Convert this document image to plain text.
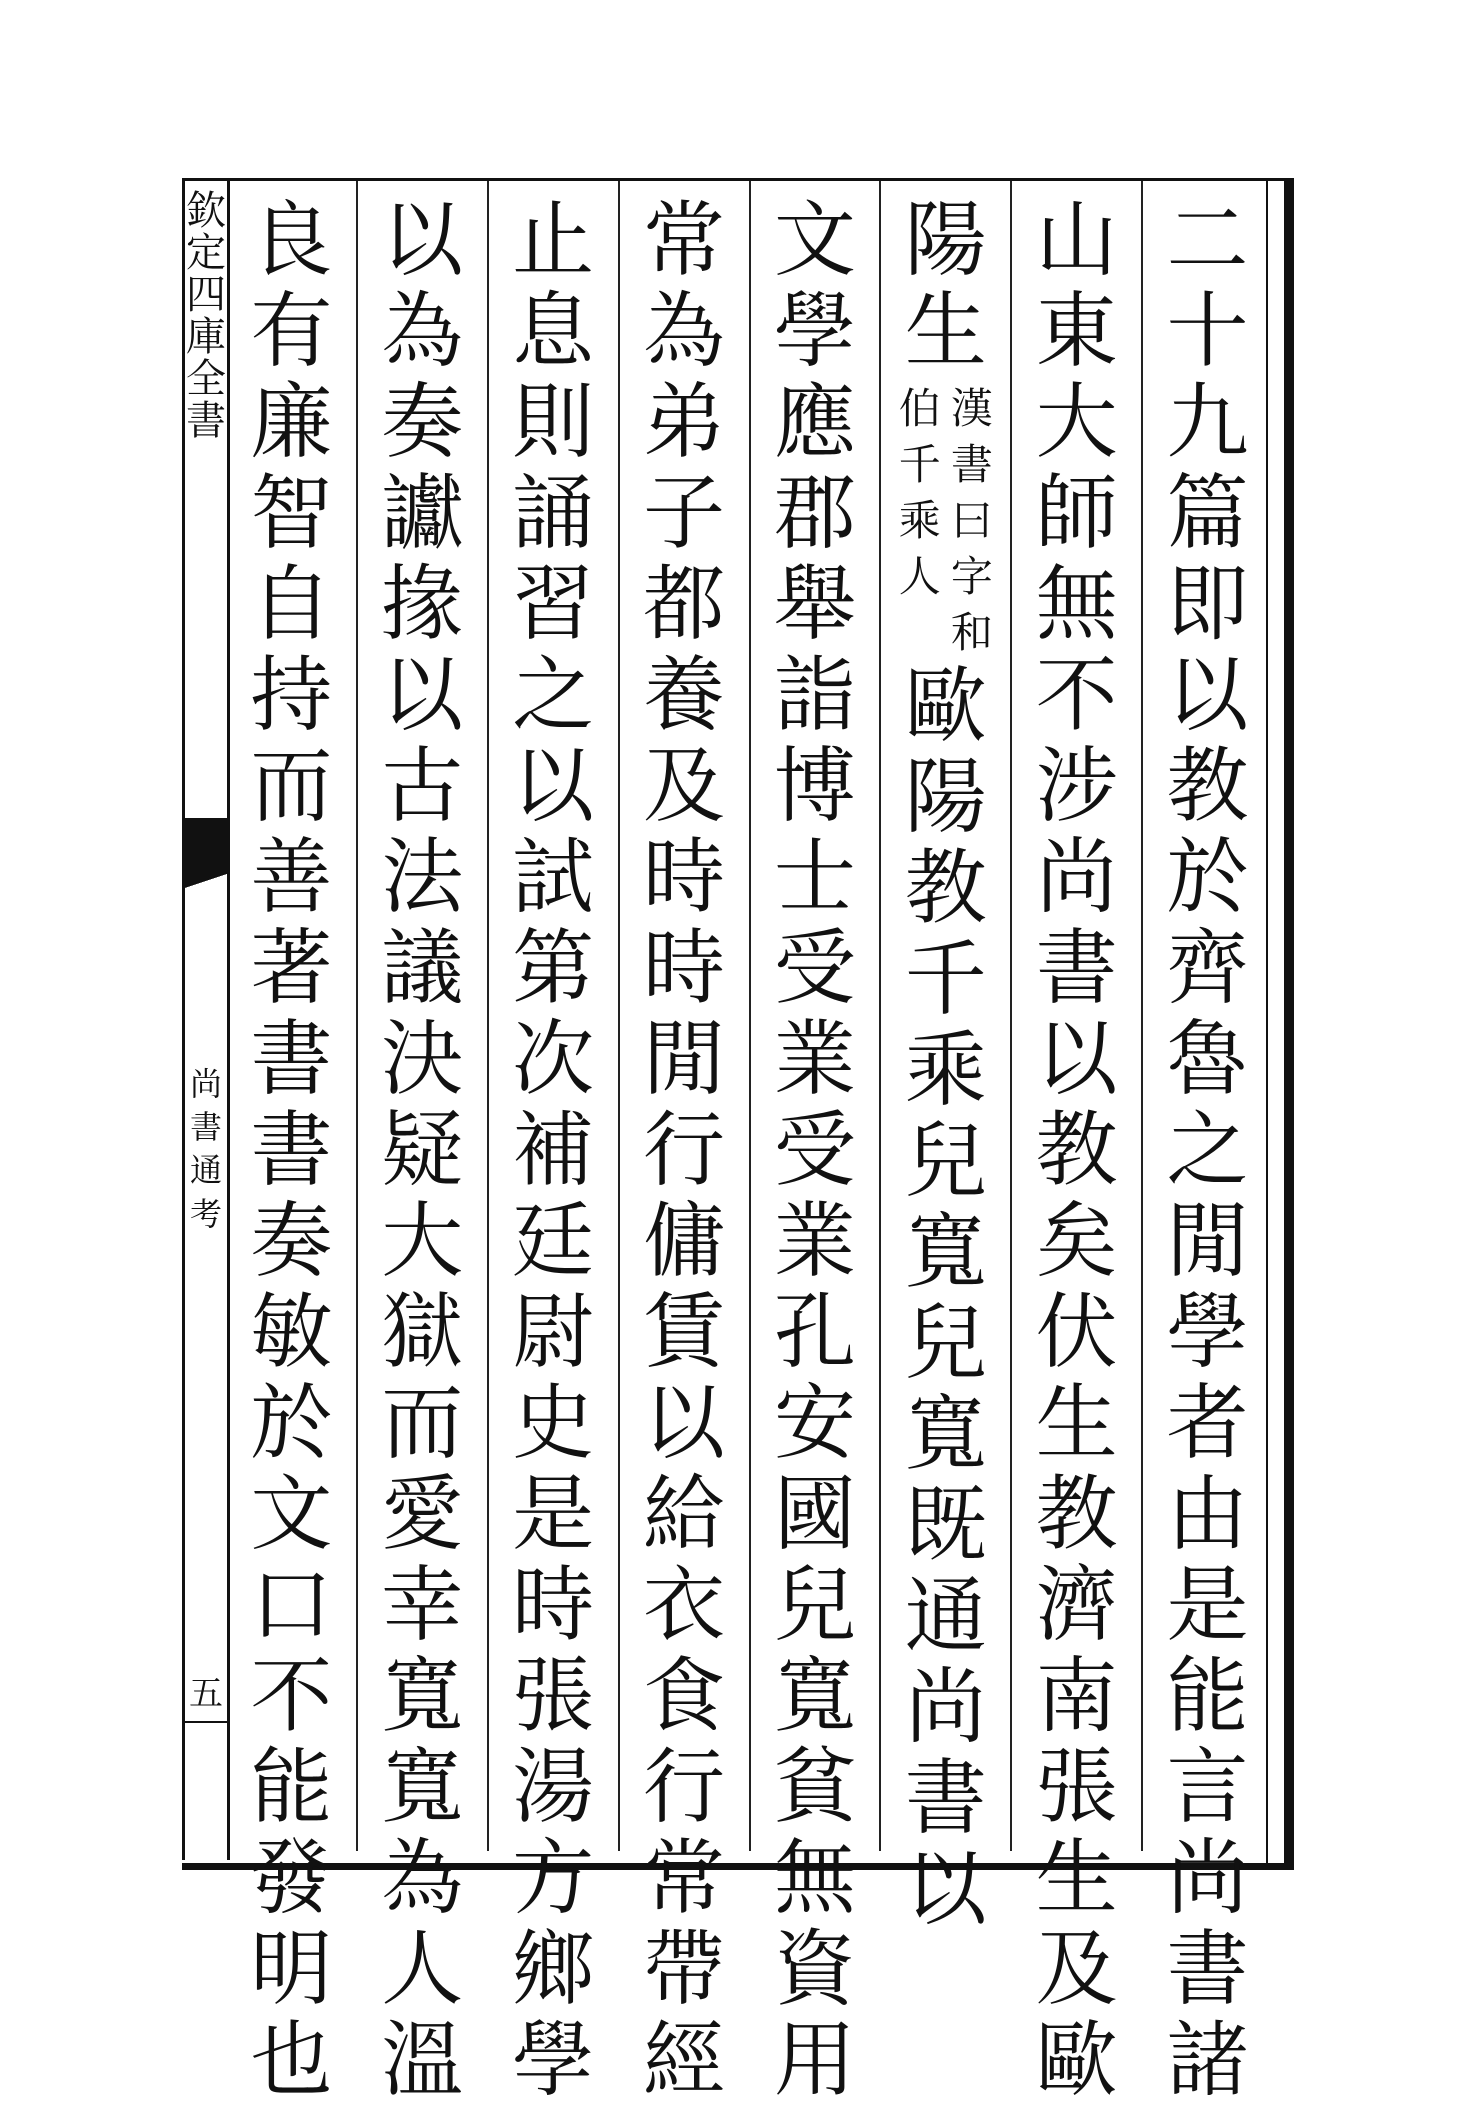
欽
定
四
庫
全
書
尚
書
通
考
五
二
十
九
篇
即
以
教
於
齊
魯
之
閒
學
者
由
是
能
言
尚
書
諸
山
東
大
師
無
不
涉
尚
書
以
教
矣
伏
生
教
濟
南
張
生
及
歐
陽
生
漢
書
曰
字
和
伯
千
乘
人
歐
陽
教
千
乘
兒
寬
兒
寬
既
通
尚
書
以
文
學
應
郡
舉
詣
博
士
受
業
受
業
孔
安
國
兒
寬
貧
無
資
用
常
為
弟
子
都
養
及
時
時
閒
行
傭
賃
以
給
衣
食
行
常
帶
經
止
息
則
誦
習
之
以
試
第
次
補
廷
尉
史
是
時
張
湯
方
鄉
學
以
為
奏
讞
掾
以
古
法
議
決
疑
大
獄
而
愛
幸
寬
寬
為
人
溫
良
有
廉
智
自
持
而
善
著
書
書
奏
敏
於
文
口
不
能
發
明
也
